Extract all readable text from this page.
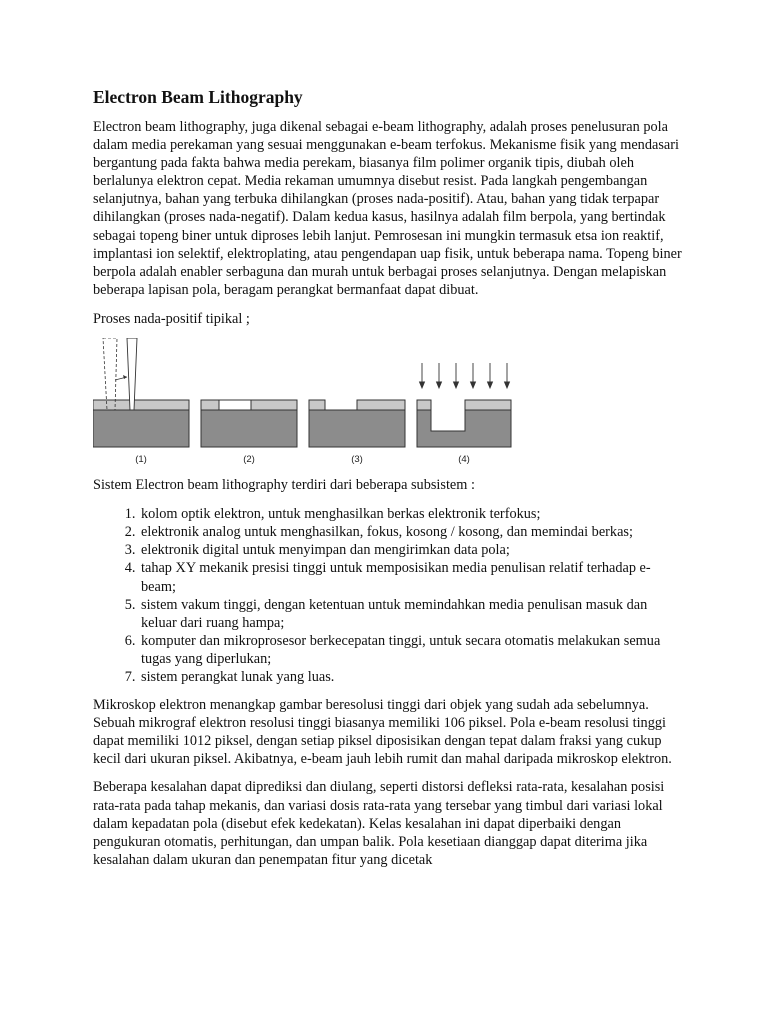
Electron Beam Lithography

Electron beam lithography, juga dikenal sebagai e-beam lithography, adalah proses penelusuran pola dalam media perekaman yang sesuai menggunakan e-beam terfokus. Mekanisme fisik yang mendasari bergantung pada fakta bahwa media perekam, biasanya film polimer organik tipis, diubah oleh berlalunya elektron cepat. Media rekaman umumnya disebut resist. Pada langkah pengembangan selanjutnya, bahan yang terbuka dihilangkan (proses nada-positif). Atau, bahan yang tidak terpapar dihilangkan (proses nada-negatif). Dalam kedua kasus, hasilnya adalah film berpola, yang bertindak sebagai topeng biner untuk diproses lebih lanjut. Pemrosesan ini mungkin termasuk etsa ion reaktif, implantasi ion selektif, elektroplating, atau pengendapan uap fisik, untuk beberapa nama. Topeng biner berpola adalah enabler serbaguna dan murah untuk berbagai proses selanjutnya. Dengan melapiskan beberapa lapisan pola, beragam perangkat bermanfaat dapat dibuat.

Proses nada-positif tipikal ;

(1)	(2)	(3)	(4)

Sistem Electron beam lithography terdiri dari beberapa subsistem :

1. kolom optik elektron, untuk menghasilkan berkas elektronik terfokus;
2. elektronik analog untuk menghasilkan, fokus, kosong / kosong, dan memindai berkas;
3. elektronik digital untuk menyimpan dan mengirimkan data pola;
4. tahap XY mekanik presisi tinggi untuk memposisikan media penulisan relatif terhadap e-beam;
5. sistem vakum tinggi, dengan ketentuan untuk memindahkan media penulisan masuk dan keluar dari ruang hampa;
6. komputer dan mikroprosesor berkecepatan tinggi, untuk secara otomatis melakukan semua tugas yang diperlukan;
7. sistem perangkat lunak yang luas.

Mikroskop elektron menangkap gambar beresolusi tinggi dari objek yang sudah ada sebelumnya. Sebuah mikrograf elektron resolusi tinggi biasanya memiliki 106 piksel. Pola e-beam resolusi tinggi dapat memiliki 1012 piksel, dengan setiap piksel diposisikan dengan tepat dalam fraksi yang cukup kecil dari ukuran piksel. Akibatnya, e-beam jauh lebih rumit dan mahal daripada mikroskop elektron.

Beberapa kesalahan dapat diprediksi dan diulang, seperti distorsi defleksi rata-rata, kesalahan posisi rata-rata pada tahap mekanis, dan variasi dosis rata-rata yang tersebar yang timbul dari variasi lokal dalam kepadatan pola (disebut efek kedekatan). Kelas kesalahan ini dapat diperbaiki dengan pengukuran otomatis, perhitungan, dan umpan balik. Pola kesetiaan dianggap dapat diterima jika kesalahan dalam ukuran dan penempatan fitur yang dicetak
